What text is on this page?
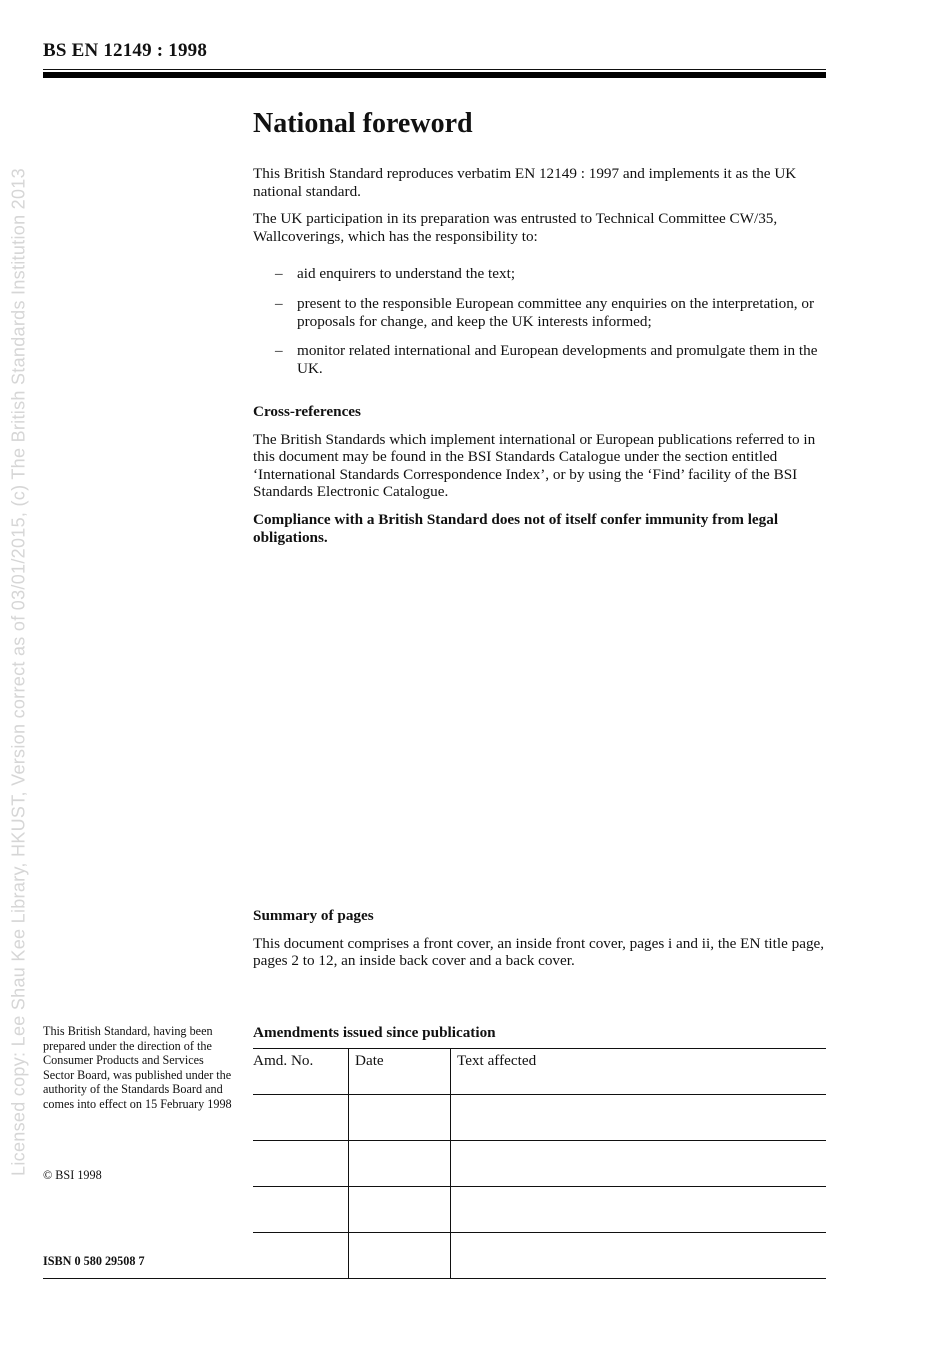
BS EN 12149 : 1998
Licensed copy: Lee Shau Kee Library, HKUST, Version correct as of 03/01/2015, (c) The British Standards Institution 2013
National foreword

This British Standard reproduces verbatim EN 12149 : 1997 and implements it as the UK national standard.

The UK participation in its preparation was entrusted to Technical Committee CW/35, Wallcoverings, which has the responsibility to:

– aid enquirers to understand the text;
– present to the responsible European committee any enquiries on the interpretation, or proposals for change, and keep the UK interests informed;
– monitor related international and European developments and promulgate them in the UK.
Cross-references

The British Standards which implement international or European publications referred to in this document may be found in the BSI Standards Catalogue under the section entitled ‘International Standards Correspondence Index’, or by using the ‘Find’ facility of the BSI Standards Electronic Catalogue.

Compliance with a British Standard does not of itself confer immunity from legal obligations.

Summary of pages

This document comprises a front cover, an inside front cover, pages i and ii, the EN title page, pages 2 to 12, an inside back cover and a back cover.

Amendments issued since publication
Amd. No.	Date	Text affected

This British Standard, having been prepared under the direction of the Consumer Products and Services Sector Board, was published under the authority of the Standards Board and comes into effect on 15 February 1998
© BSI 1998
ISBN 0 580 29508 7
